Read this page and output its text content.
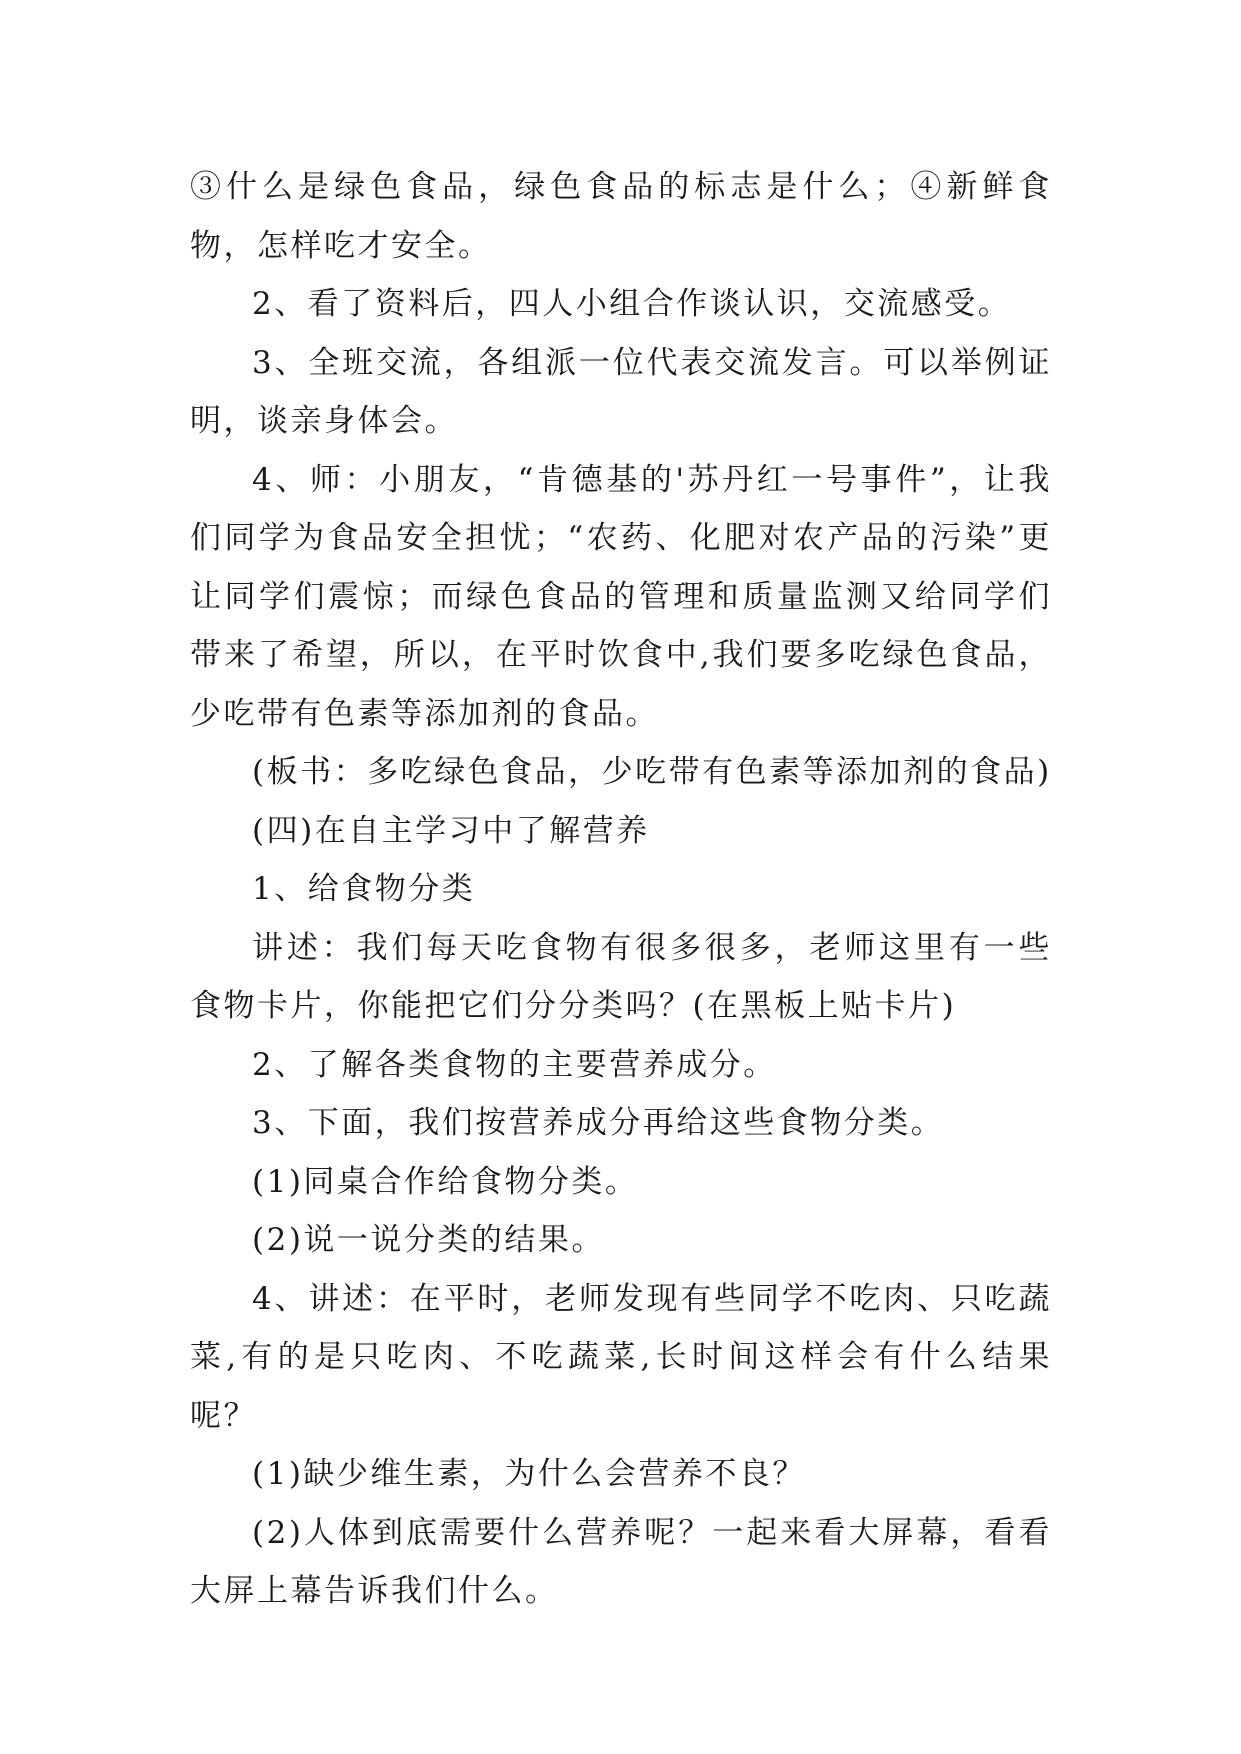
③什么是绿色食品，绿色食品的标志是什么；④新鲜食物，怎样吃才安全。

2、看了资料后，四人小组合作谈认识，交流感受。

3、全班交流，各组派一位代表交流发言。可以举例证明，谈亲身体会。

4、师：小朋友，“肯德基的'苏丹红一号事件”，让我们同学为食品安全担忧；“农药、化肥对农产品的污染”更让同学们震惊；而绿色食品的管理和质量监测又给同学们带来了希望，所以，在平时饮食中,我们要多吃绿色食品，少吃带有色素等添加剂的食品。

(板书：多吃绿色食品，少吃带有色素等添加剂的食品)

(四)在自主学习中了解营养

1、给食物分类

讲述：我们每天吃食物有很多很多，老师这里有一些食物卡片，你能把它们分分类吗？(在黑板上贴卡片)

2、了解各类食物的主要营养成分。

3、下面，我们按营养成分再给这些食物分类。

(1)同桌合作给食物分类。

(2)说一说分类的结果。

4、讲述：在平时，老师发现有些同学不吃肉、只吃蔬菜,有的是只吃肉、不吃蔬菜,长时间这样会有什么结果呢？

(1)缺少维生素，为什么会营养不良？

(2)人体到底需要什么营养呢？一起来看大屏幕，看看大屏上幕告诉我们什么。
